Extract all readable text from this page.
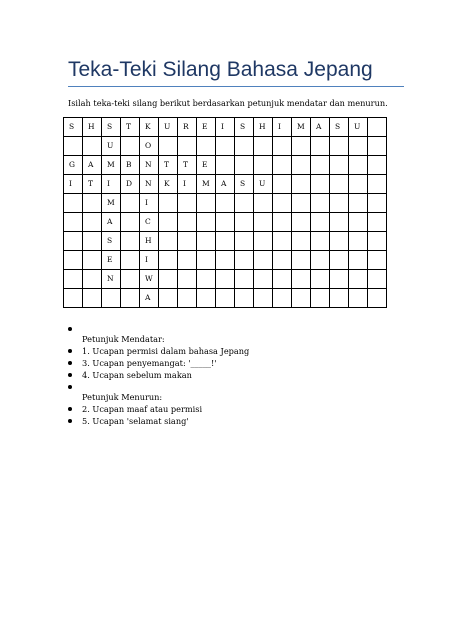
Teka-Teki Silang Bahasa Jepang
Isilah teka-teki silang berikut berdasarkan petunjuk mendatar dan menurun.
S	H	S	T	K	U	R	E	I	S	H	I	M	A	S	U	
		U		O												
G	A	M	B	N	T	T	E									
I	T	I	D	N	K	I	M	A	S	U						
		M		I												
		A		C												
		S		H												
		E		I												
		N		W												
				A												
Petunjuk Mendatar:
1. Ucapan permisi dalam bahasa Jepang
3. Ucapan penyemangat: '_____!'
4. Ucapan sebelum makan
Petunjuk Menurun:
2. Ucapan maaf atau permisi
5. Ucapan 'selamat siang'
